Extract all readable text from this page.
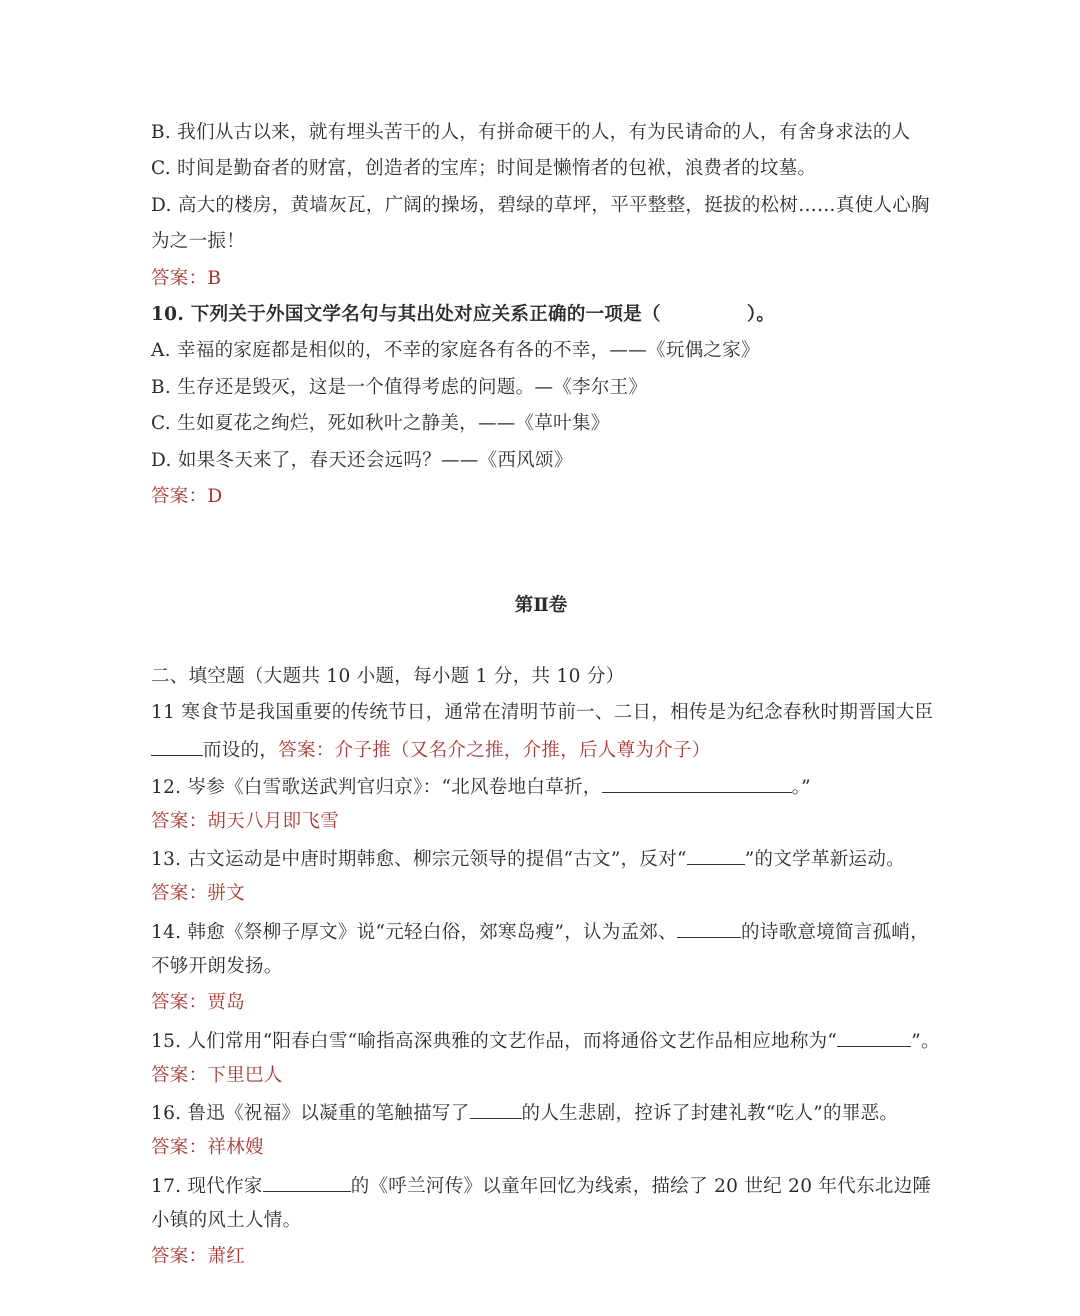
B. 我们从古以来，就有埋头苦干的人，有拼命硬干的人，有为民请命的人，有舍身求法的人
C. 时间是勤奋者的财富，创造者的宝库；时间是懒惰者的包袱，浪费者的坟墓。
D. 高大的楼房，黄墙灰瓦，广阔的操场，碧绿的草坪，平平整整，挺拔的松树……真使人心胸
为之一振！
答案：B
10. 下列关于外国文学名句与其出处对应关系正确的一项是（	）。
A. 幸福的家庭都是相似的，不幸的家庭各有各的不幸，——《玩偶之家》
B. 生存还是毁灭，这是一个值得考虑的问题。—《李尔王》
C. 生如夏花之绚烂，死如秋叶之静美，——《草叶集》
D. 如果冬天来了，春天还会远吗？——《西风颂》
答案：D
第Ⅱ卷
二、填空题（大题共 10 小题，每小题 1 分，共 10 分）
11 寒食节是我国重要的传统节日，通常在清明节前一、二日，相传是为纪念春秋时期晋国大臣
而设的，答案：介子推（又名介之推，介推，后人尊为介子）
12. 岑参《白雪歌送武判官归京》：“北风卷地白草折，	。”
答案：胡天八月即飞雪
13. 古文运动是中唐时期韩愈、柳宗元领导的提倡“古文”，反对“	”的文学革新运动。
答案：骈文
14. 韩愈《祭柳子厚文》说“元轻白俗，郊寒岛瘦”，认为孟郊、	的诗歌意境简言孤峭，
不够开朗发扬。
答案：贾岛
15. 人们常用“阳春白雪“喻指高深典雅的文艺作品，而将通俗文艺作品相应地称为“	”。
答案：下里巴人
16. 鲁迅《祝福》以凝重的笔触描写了	的人生悲剧，控诉了封建礼教“吃人”的罪恶。
答案：祥林嫂
17. 现代作家	的《呼兰河传》以童年回忆为线索，描绘了 20 世纪 20 年代东北边陲
小镇的风土人情。
答案：萧红
